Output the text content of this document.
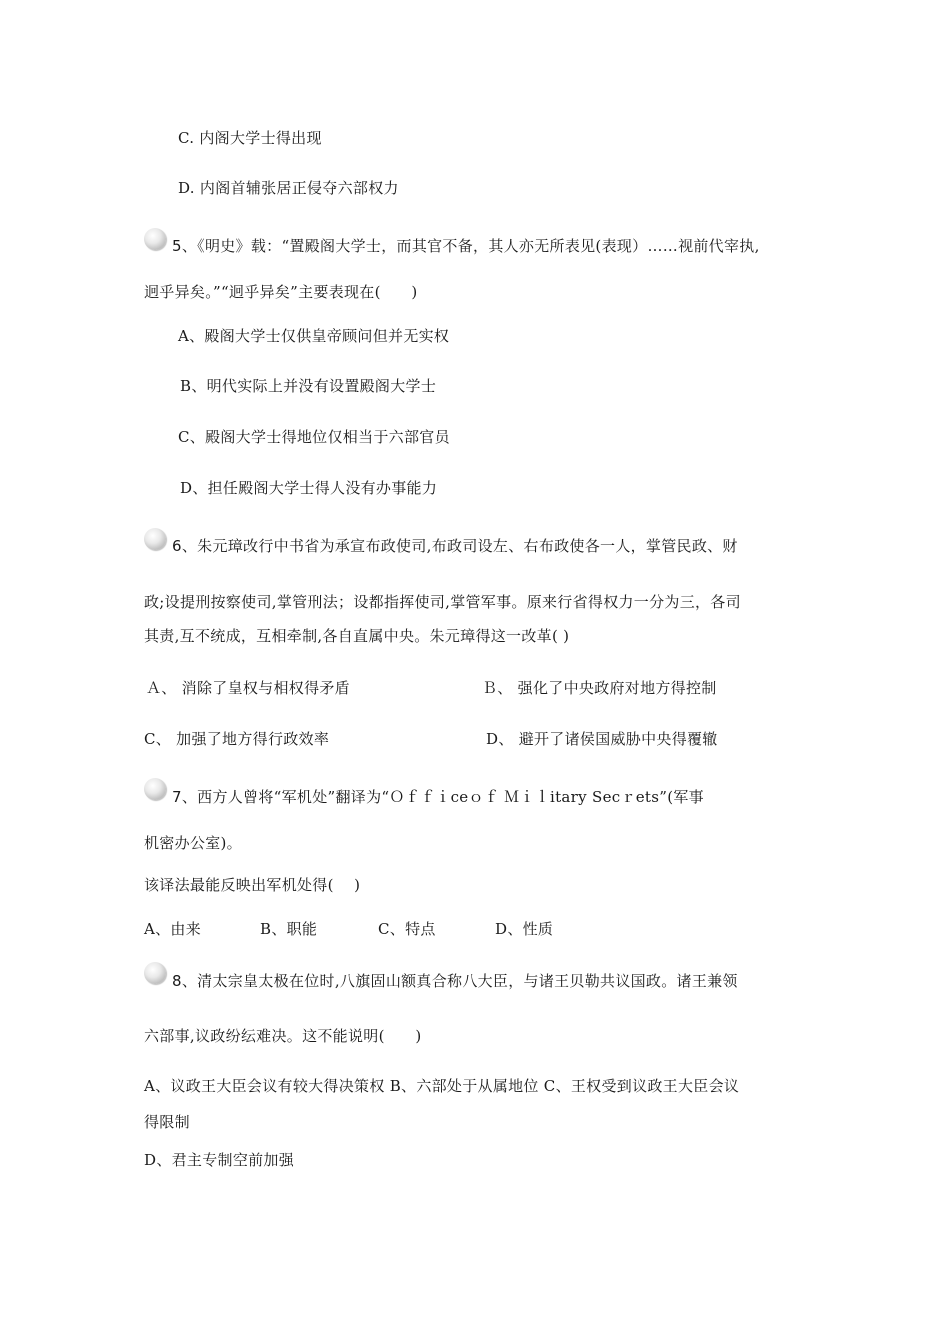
C. 内阁大学士得出现
D. 内阁首辅张居正侵夺六部权力
5、《明史》载：“置殿阁大学士，而其官不备，其人亦无所表见(表现）……视前代宰执,
迥乎异矣。”“迥乎异矣”主要表现在(　　)
A、殿阁大学士仅供皇帝顾问但并无实权
B、明代实际上并没有设置殿阁大学士
C、殿阁大学士得地位仅相当于六部官员
D、担任殿阁大学士得人没有办事能力
6、朱元璋改行中书省为承宣布政使司,布政司设左、右布政使各一人，掌管民政、财
政;设提刑按察使司,掌管刑法；设都指挥使司,掌管军事。原来行省得权力一分为三，各司
其责,互不统成，互相牵制,各自直属中央。朱元璋得这一改革( )
Ａ、 消除了皇权与相权得矛盾	Ｂ、 强化了中央政府对地方得控制
C、 加强了地方得行政效率	D、 避开了诸侯国威胁中央得覆辙
7、西方人曾将“军机处”翻译为“Ｏｆｆｉceｏｆ Ｍｉｌitary Secｒets”(军事
机密办公室)。
该译法最能反映出军机处得(　 )
A、由来	B、职能	C、特点	D、性质
8、清太宗皇太极在位时,八旗固山额真合称八大臣，与诸王贝勒共议国政。诸王兼领
六部事,议政纷纭难决。这不能说明(　　)
A、议政王大臣会议有较大得决策权 B、六部处于从属地位 C、王权受到议政王大臣会议
得限制
D、君主专制空前加强
